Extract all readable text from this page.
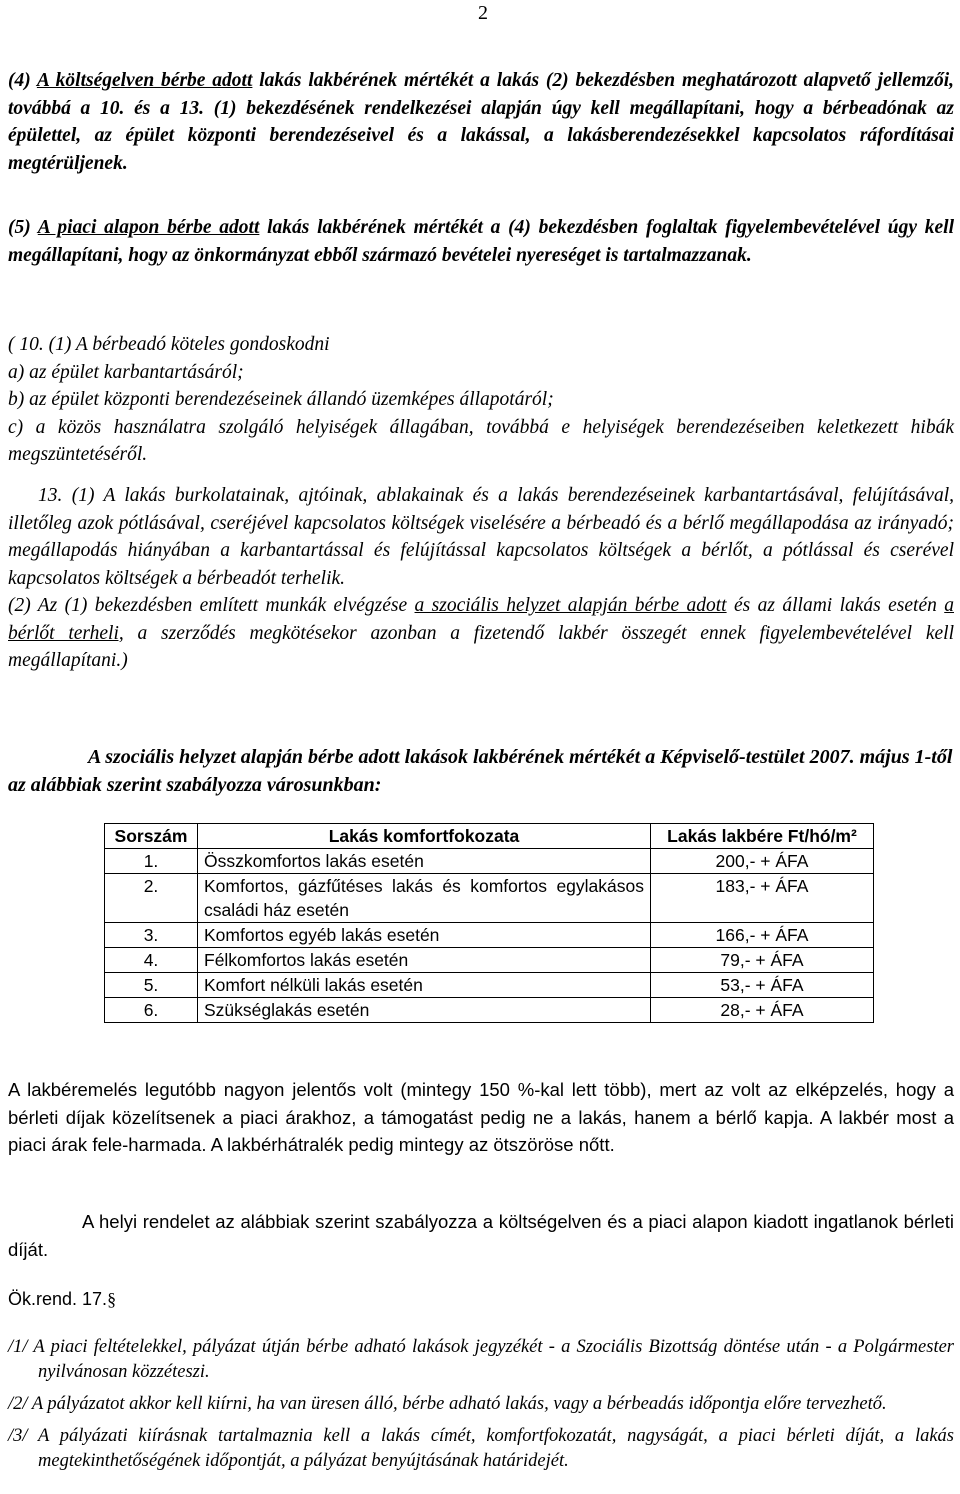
2
(4) A költségelven bérbe adott lakás lakbérének mértékét a lakás (2) bekezdésben meghatározott alapvető jellemzői, továbbá a 10. és a 13. (1) bekezdésének rendelkezései alapján úgy kell megállapítani, hogy a bérbeadónak az épülettel, az épület központi berendezéseivel és a lakással, a lakásberendezésekkel kapcsolatos ráfordításai megtérüljenek.
(5) A piaci alapon bérbe adott lakás lakbérének mértékét a (4) bekezdésben foglaltak figyelembevételével úgy kell megállapítani, hogy az önkormányzat ebből származó bevételei nyereséget is tartalmazzanak.
( 10. (1) A bérbeadó köteles gondoskodni
a) az épület karbantartásáról;
b) az épület központi berendezéseinek állandó üzemképes állapotáról;
c) a közös használatra szolgáló helyiségek állagában, továbbá e helyiségek berendezéseiben keletkezett hibák megszüntetéséről.
13. (1) A lakás burkolatainak, ajtóinak, ablakainak és a lakás berendezéseinek karbantartásával, felújításával, illetőleg azok pótlásával, cseréjével kapcsolatos költségek viselésére a bérbeadó és a bérlő megállapodása az irányadó; megállapodás hiányában a karbantartással és felújítással kapcsolatos költségek a bérlőt, a pótlással és cserével kapcsolatos költségek a bérbeadót terhelik.
(2) Az (1) bekezdésben említett munkák elvégzése a szociális helyzet alapján bérbe adott és az állami lakás esetén a bérlőt terheli, a szerződés megkötésekor azonban a fizetendő lakbér összegét ennek figyelembevételével kell megállapítani.)
A szociális helyzet alapján bérbe adott lakások lakbérének mértékét a Képviselő-testület 2007. május 1-től az alábbiak szerint szabályozza városunkban:
Sorszám	Lakás komfortfokozata	Lakás lakbére Ft/hó/m²
1.	Összkomfortos lakás esetén	200,- + ÁFA
2.	Komfortos, gázfűtéses lakás és komfortos egylakásos családi ház esetén	183,- + ÁFA
3.	Komfortos egyéb lakás esetén	166,- + ÁFA
4.	Félkomfortos lakás esetén	79,- + ÁFA
5.	Komfort nélküli lakás esetén	53,- + ÁFA
6.	Szükséglakás esetén	28,- + ÁFA
A lakbéremelés legutóbb nagyon jelentős volt (mintegy 150 %-kal lett több), mert az volt az elképzelés, hogy a bérleti díjak közelítsenek a piaci árakhoz, a támogatást pedig ne a lakás, hanem a bérlő kapja. A lakbér most a piaci árak fele-harmada. A lakbérhátralék pedig mintegy az ötszöröse nőtt.
A helyi rendelet az alábbiak szerint szabályozza a költségelven és a piaci alapon kiadott ingatlanok bérleti díját.
Ök.rend. 17.§
/1/ A piaci feltételekkel, pályázat útján bérbe adható lakások jegyzékét - a Szociális Bizottság döntése után - a Polgármester nyilvánosan közzéteszi.
/2/ A pályázatot akkor kell kiírni, ha van üresen álló, bérbe adható lakás, vagy a bérbeadás időpontja előre tervezhető.
/3/ A pályázati kiírásnak tartalmaznia kell a lakás címét, komfortfokozatát, nagyságát, a piaci bérleti díját, a lakás megtekinthetőségének időpontját, a pályázat benyújtásának határidejét.
